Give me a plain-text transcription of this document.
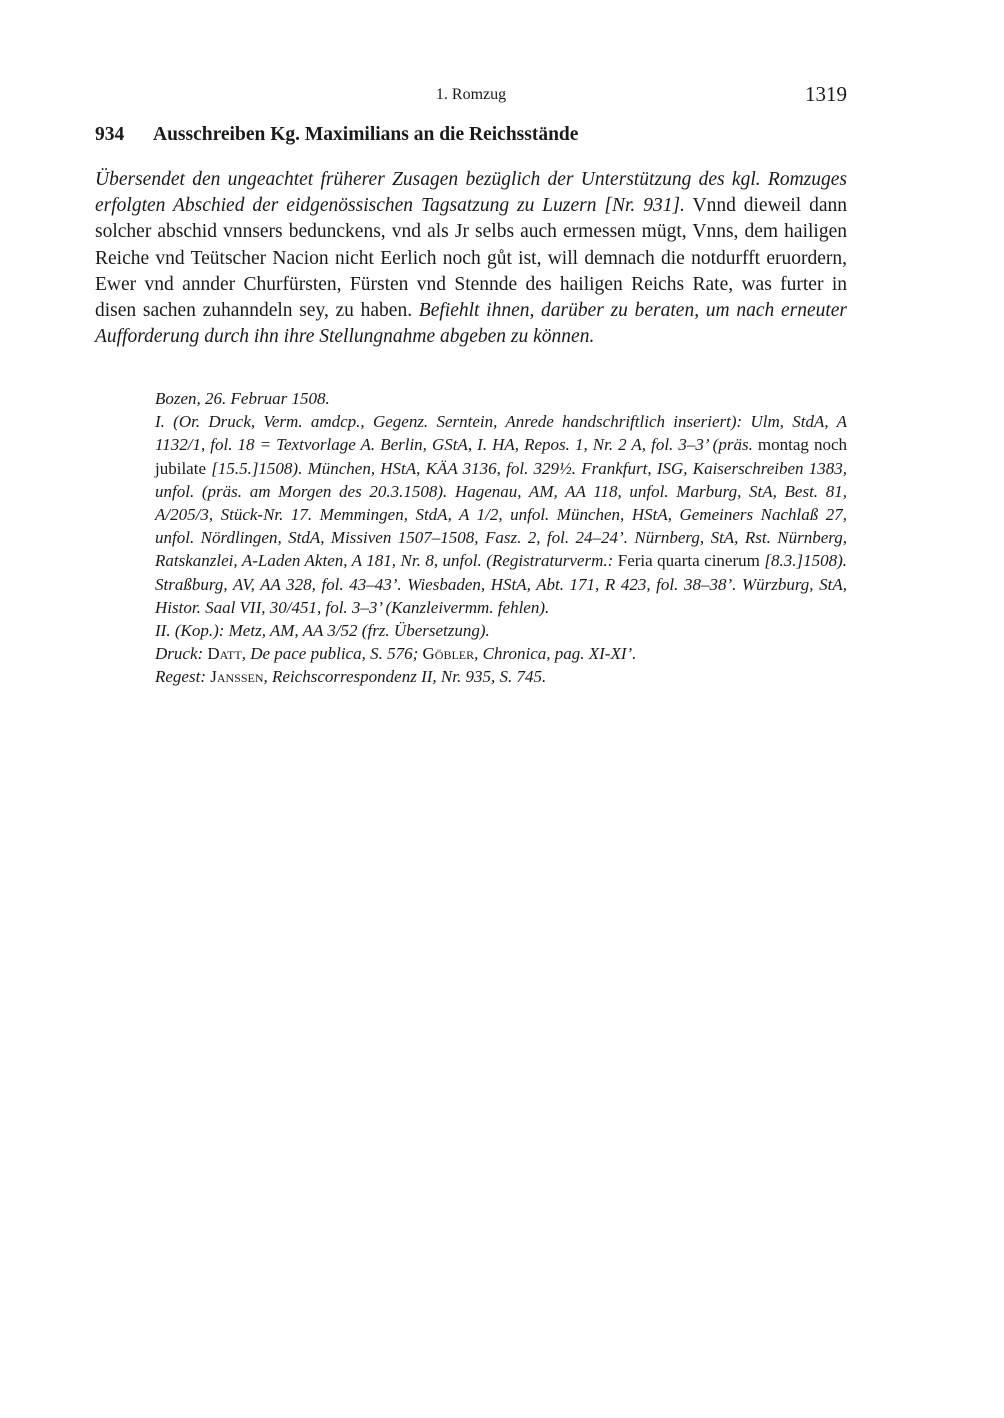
1. Romzug	1319
934 Ausschreiben Kg. Maximilians an die Reichsstände
Übersendet den ungeachtet früherer Zusagen bezüglich der Unterstützung des kgl. Romzuges erfolgten Abschied der eidgenössischen Tagsatzung zu Luzern [Nr. 931]. Vnnd dieweil dann solcher abschid vnnsers bedunckens, vnd als Jr selbs auch ermessen mügt, Vnns, dem hailigen Reiche vnd Teütscher Nacion nicht Eerlich noch gůt ist, will demnach die notdurfft eruordern, Ewer vnd annder Churfürsten, Fürsten vnd Stennde des hailigen Reichs Rate, was furter in disen sachen zuhanndeln sey, zu haben. Befiehlt ihnen, darüber zu beraten, um nach erneuter Aufforderung durch ihn ihre Stellungnahme abgeben zu können.
Bozen, 26. Februar 1508.
I. (Or. Druck, Verm. amdcp., Gegenz. Serntein, Anrede handschriftlich inseriert): Ulm, StdA, A 1132/1, fol. 18 = Textvorlage A. Berlin, GStA, I. HA, Repos. 1, Nr. 2 A, fol. 3–3’ (präs. montag noch jubilate [15.5.]1508). München, HStA, KÄA 3136, fol. 329½. Frankfurt, ISG, Kaiserschreiben 1383, unfol. (präs. am Morgen des 20.3.1508). Hagenau, AM, AA 118, unfol. Marburg, StA, Best. 81, A/205/3, Stück-Nr. 17. Memmingen, StdA, A 1/2, unfol. München, HStA, Gemeiners Nachlaß 27, unfol. Nördlingen, StdA, Missiven 1507–1508, Fasz. 2, fol. 24–24’. Nürnberg, StA, Rst. Nürnberg, Ratskanzlei, A-Laden Akten, A 181, Nr. 8, unfol. (Registraturverm.: Feria quarta cinerum [8.3.]1508). Straßburg, AV, AA 328, fol. 43–43’. Wiesbaden, HStA, Abt. 171, R 423, fol. 38–38’. Würzburg, StA, Histor. Saal VII, 30/451, fol. 3–3’ (Kanzleivermm. fehlen).
II. (Kop.): Metz, AM, AA 3/52 (frz. Übersetzung).
Druck: Datt, De pace publica, S. 576; Göbler, Chronica, pag. XI-XI’.
Regest: Janssen, Reichscorrespondenz II, Nr. 935, S. 745.
